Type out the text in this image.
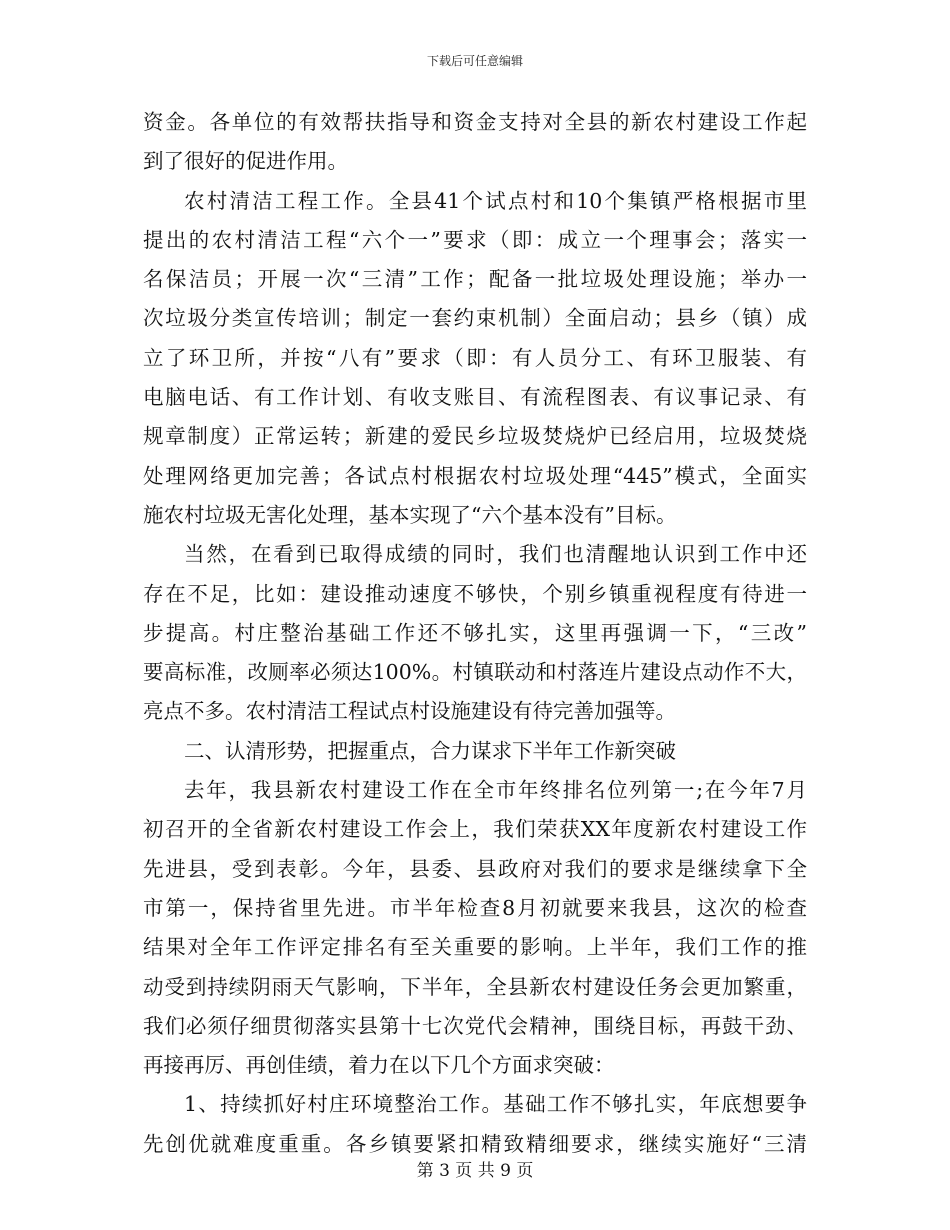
下载后可任意编辑
资金。各单位的有效帮扶指导和资金支持对全县的新农村建设工作起
到了很好的促进作用。
农村清洁工程工作。全县41个试点村和10个集镇严格根据市里
提出的农村清洁工程“六个一”要求（即：成立一个理事会；落实一
名保洁员；开展一次“三清”工作；配备一批垃圾处理设施；举办一
次垃圾分类宣传培训；制定一套约束机制）全面启动；县乡（镇）成
立了环卫所，并按“八有”要求（即：有人员分工、有环卫服装、有
电脑电话、有工作计划、有收支账目、有流程图表、有议事记录、有
规章制度）正常运转；新建的爱民乡垃圾焚烧炉已经启用，垃圾焚烧
处理网络更加完善；各试点村根据农村垃圾处理“445”模式，全面实
施农村垃圾无害化处理，基本实现了“六个基本没有”目标。
当然，在看到已取得成绩的同时，我们也清醒地认识到工作中还
存在不足，比如：建设推动速度不够快，个别乡镇重视程度有待进一
步提高。村庄整治基础工作还不够扎实，这里再强调一下，“三改”
要高标准，改厕率必须达100%。村镇联动和村落连片建设点动作不大，
亮点不多。农村清洁工程试点村设施建设有待完善加强等。
二、认清形势，把握重点，合力谋求下半年工作新突破
去年，我县新农村建设工作在全市年终排名位列第一;在今年7月
初召开的全省新农村建设工作会上，我们荣获XX年度新农村建设工作
先进县，受到表彰。今年，县委、县政府对我们的要求是继续拿下全
市第一，保持省里先进。市半年检查8月初就要来我县，这次的检查
结果对全年工作评定排名有至关重要的影响。上半年，我们工作的推
动受到持续阴雨天气影响，下半年，全县新农村建设任务会更加繁重，
我们必须仔细贯彻落实县第十七次党代会精神，围绕目标，再鼓干劲、
再接再厉、再创佳绩，着力在以下几个方面求突破：
1、持续抓好村庄环境整治工作。基础工作不够扎实，年底想要争
先创优就难度重重。各乡镇要紧扣精致精细要求，继续实施好“三清
第 3 页 共 9 页
